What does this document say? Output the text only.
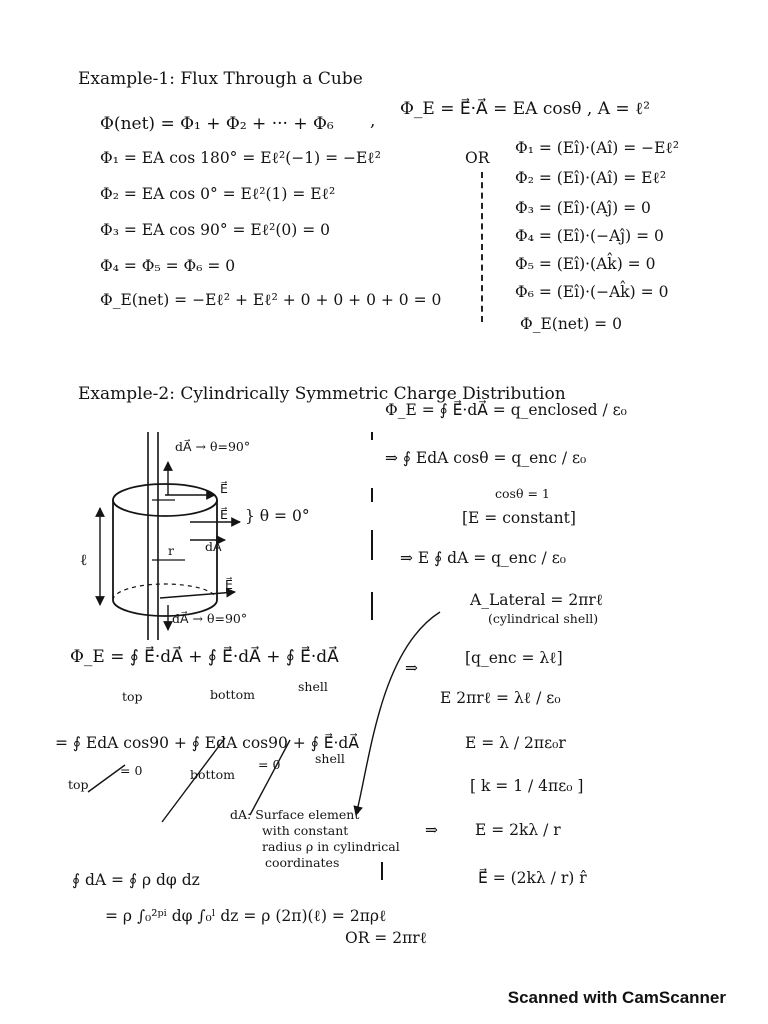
Example-1: Flux Through a Cube
Φ(net) = Φ₁ + Φ₂ + ··· + Φ₆ ,
Φ_E = E⃗·A⃗ = EA cosθ , A = ℓ²
Φ₁ = EA cos 180° = Eℓ²(−1) = −Eℓ²
Φ₂ = EA cos 0° = Eℓ²(1) = Eℓ²
Φ₃ = EA cos 90° = Eℓ²(0) = 0
Φ₄ = Φ₅ = Φ₆ = 0
Φ_E(net) = −Eℓ² + Eℓ² + 0 + 0 + 0 + 0 = 0
OR
Φ₁ = (Eî)·(Aî) = −Eℓ²
Φ₂ = (Eî)·(Aî) = Eℓ²
Φ₃ = (Eî)·(Aĵ) = 0
Φ₄ = (Eî)·(−Aĵ) = 0
Φ₅ = (Eî)·(Ak̂) = 0
Φ₆ = (Eî)·(−Ak̂) = 0
Φ_E(net) = 0
Example-2: Cylindrically Symmetric Charge Distribution
dA⃗ → θ=90°
E⃗
E⃗
dA⃗
} θ = 0°
r
ℓ
E⃗
dA⃗ → θ=90°
Φ_E = ∮ E⃗·dA⃗ = q_enclosed / ε₀
⇒ ∮ EdA cosθ = q_enc / ε₀
cosθ = 1
[E = constant]
⇒ E ∮ dA = q_enc / ε₀
A_Lateral = 2πrℓ
(cylindrical shell)
[q_enc = λℓ]
E 2πrℓ = λℓ / ε₀
E = λ / 2πε₀r
[ k = 1 / 4πε₀ ]
E = 2kλ / r
E⃗ = (2kλ / r) r̂
Φ_E = ∮ E⃗·dA⃗ + ∮ E⃗·dA⃗ + ∮ E⃗·dA⃗
top	bottom
shell
⇒
= ∮ EdA cos90 + ∮ EdA cos90 + ∮ E⃗·dA⃗
= 0	= 0
top
bottom
shell
dA: Surface element
with constant
radius ρ in cylindrical
coordinates
⇒
∮ dA = ∮ ρ dφ dz
= ρ ∫₀²ᵖⁱ dφ ∫₀ˡ dz = ρ (2π)(ℓ) = 2πρℓ
OR = 2πrℓ
Scanned with CamScanner
